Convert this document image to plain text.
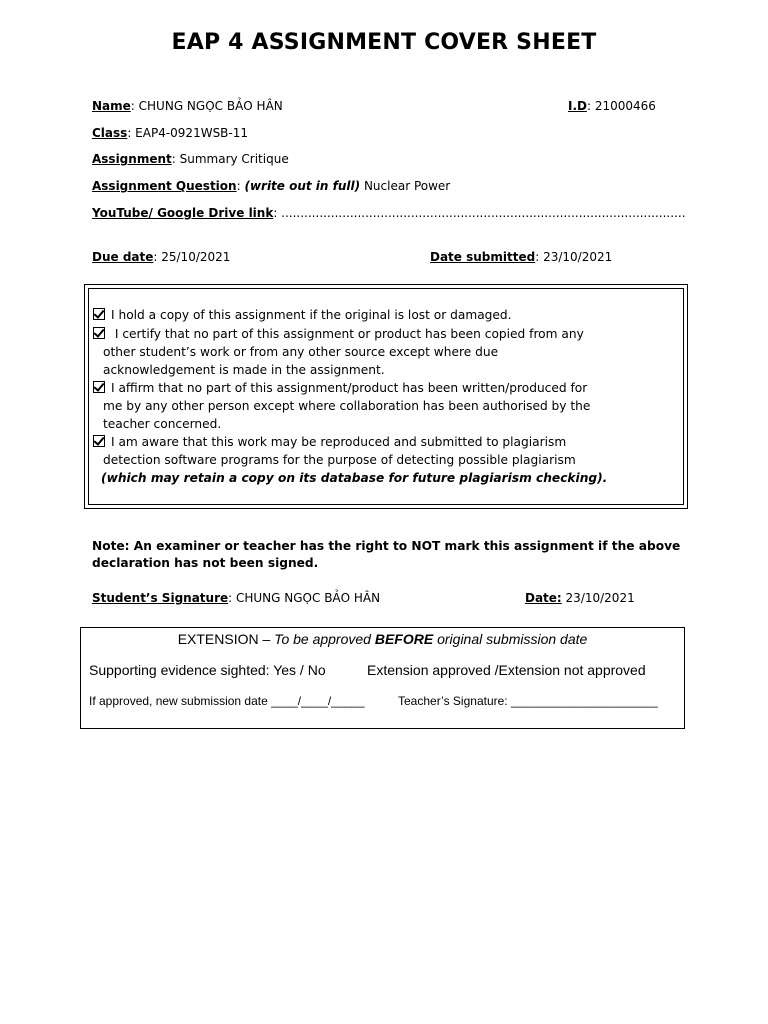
EAP 4 ASSIGNMENT COVER SHEET
Name: CHUNG NGỌC BẢO HÂN	I.D: 21000466
Class: EAP4-0921WSB-11
Assignment: Summary Critique
Assignment Question: (write out in full) Nuclear Power
YouTube/ Google Drive link: ..........................................................................................................
Due date: 25/10/2021	Date submitted: 23/10/2021
I hold a copy of this assignment if the original is lost or damaged.
I certify that no part of this assignment or product has been copied from any
other student’s work or from any other source except where due
acknowledgement is made in the assignment.
I affirm that no part of this assignment/product has been written/produced for
me by any other person except where collaboration has been authorised by the
teacher concerned.
I am aware that this work may be reproduced and submitted to plagiarism
detection software programs for the purpose of detecting possible plagiarism
(which may retain a copy on its database for future plagiarism checking).
Note: An examiner or teacher has the right to NOT mark this assignment if the above
declaration has not been signed.
Student’s Signature: CHUNG NGỌC BẢO HÂN	Date: 23/10/2021
EXTENSION – To be approved BEFORE original submission date
Supporting evidence sighted: Yes / No	Extension approved /Extension not approved
If approved, new submission date ____/____/_____	Teacher’s Signature: ______________________
